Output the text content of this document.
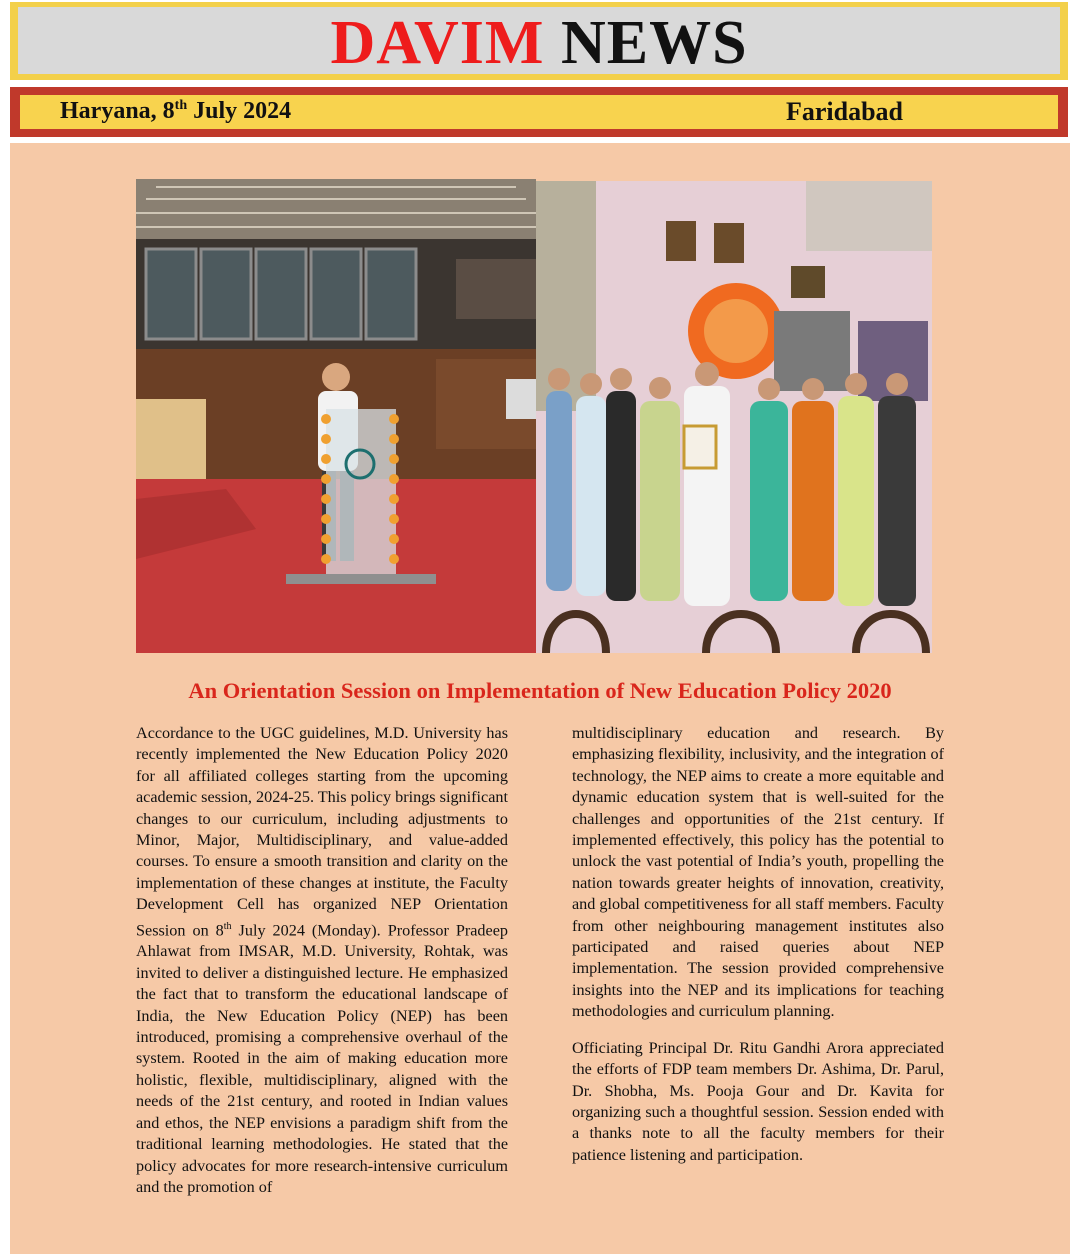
DAVIM NEWS
Haryana, 8th July 2024	Faridabad
An Orientation Session on Implementation of New Education Policy 2020

Accordance to the UGC guidelines, M.D. University has recently implemented the New Education Policy 2020 for all affiliated colleges starting from the upcoming academic session, 2024-25. This policy brings significant changes to our curriculum, including adjustments to Minor, Major, Multidisciplinary, and value-added courses. To ensure a smooth transition and clarity on the implementation of these changes at institute, the Faculty Development Cell has organized NEP Orientation Session on 8th July 2024 (Monday). Professor Pradeep Ahlawat from IMSAR, M.D. University, Rohtak, was invited to deliver a distinguished lecture. He emphasized the fact that to transform the educational landscape of India, the New Education Policy (NEP) has been introduced, promising a comprehensive overhaul of the system. Rooted in the aim of making education more holistic, flexible, multidisciplinary, aligned with the needs of the 21st century, and rooted in Indian values and ethos, the NEP envisions a paradigm shift from the traditional learning methodologies. He stated that the policy advocates for more research-intensive curriculum and the promotion of

multidisciplinary education and research. By emphasizing flexibility, inclusivity, and the integration of technology, the NEP aims to create a more equitable and dynamic education system that is well-suited for the challenges and opportunities of the 21st century. If implemented effectively, this policy has the potential to unlock the vast potential of India’s youth, propelling the nation towards greater heights of innovation, creativity, and global competitiveness for all staff members. Faculty from other neighbouring management institutes also participated and raised queries about NEP implementation. The session provided comprehensive insights into the NEP and its implications for teaching methodologies and curriculum planning.

Officiating Principal Dr. Ritu Gandhi Arora appreciated the efforts of FDP team members Dr. Ashima, Dr. Parul, Dr. Shobha, Ms. Pooja Gour and Dr. Kavita for organizing such a thoughtful session. Session ended with a thanks note to all the faculty members for their patience listening and participation.
